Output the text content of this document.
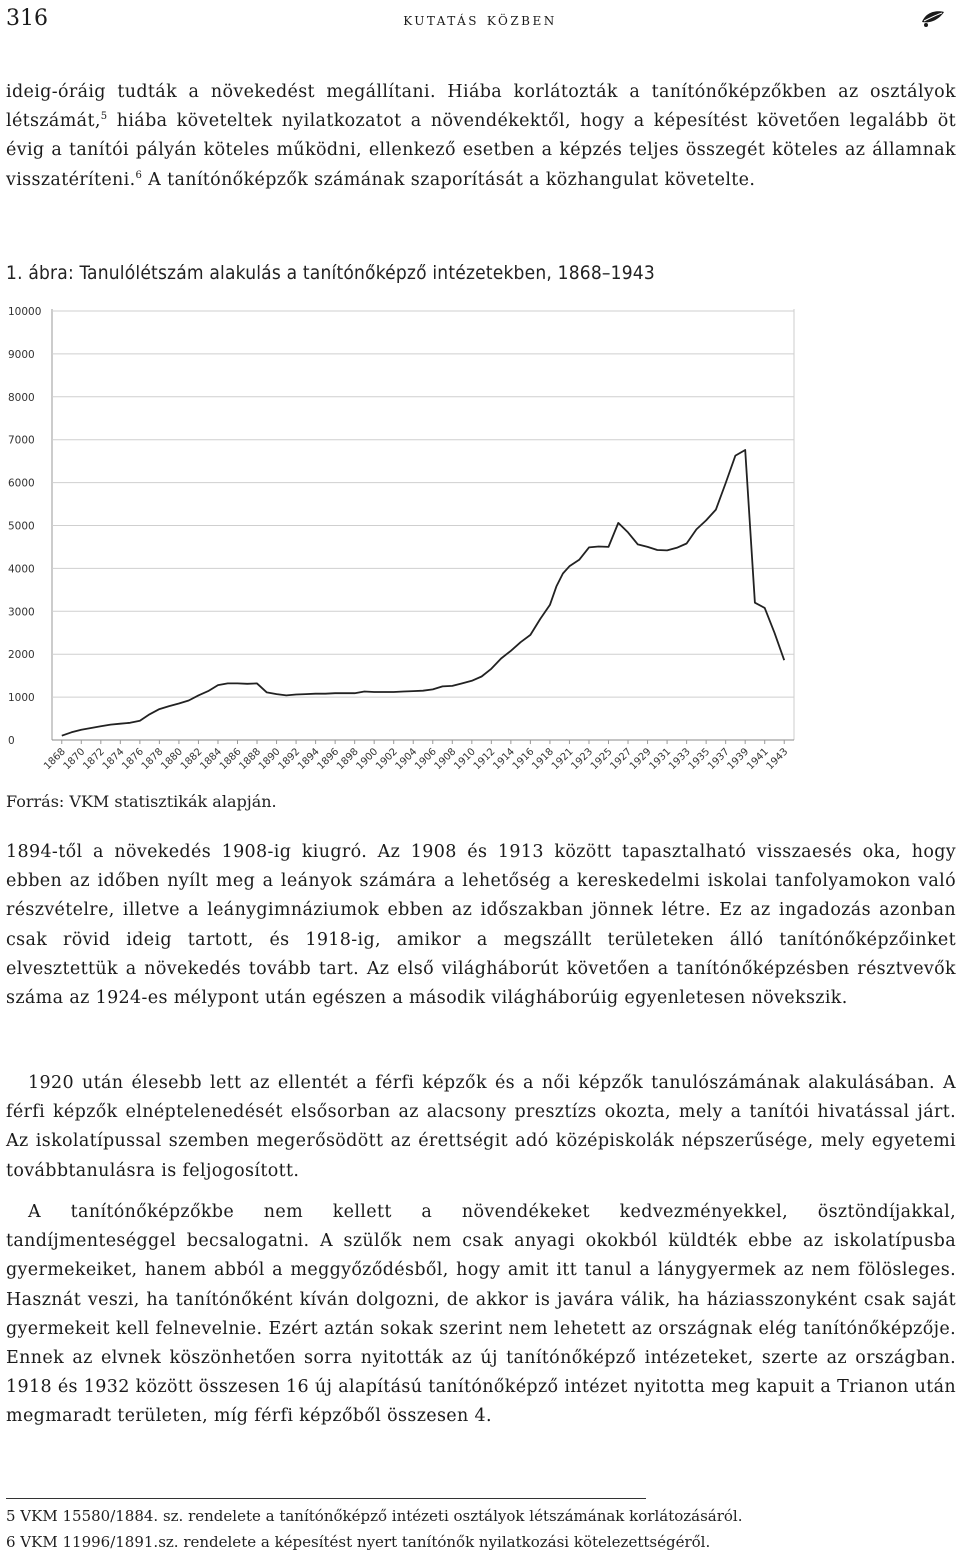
316	kutatás közben

ideig-óráig tudták a növekedést megállítani. Hiába korlátozták a tanítónőképzőkben az osztályok létszámát,$^5$ hiába követeltek nyilatkozatot a növendékektől, hogy a képesítést követően legalább öt évig a tanítói pályán köteles működni, ellenkező esetben a képzés teljes összegét köteles az államnak visszatéríteni.$^6$ A tanítónőképzők számának szaporítását a közhangulat követelte.

1. ábra: Tanulólétszám alakulás a tanítónőképző intézetekben, 1868–1943
0
1000
2000
3000
4000
5000
6000
7000
8000
9000
10000
1868
1870
1872
1874
1876
1878
1880
1882
1884
1886
1888
1890
1892
1894
1896
1898
1900
1902
1904
1906
1908
1910
1912
1914
1916
1918
1921
1923
1925
1927
1929
1931
1933
1935
1937
1939
1941
1943
Forrás: VKM statisztikák alapján.

1894-től a növekedés 1908-ig kiugró. Az 1908 és 1913 között tapasztalható visszaesés oka, hogy ebben az időben nyílt meg a leányok számára a lehetőség a kereskedelmi iskolai tanfolyamokon való részvételre, illetve a leánygimnáziumok ebben az időszakban jönnek létre. Ez az ingadozás azonban csak rövid ideig tartott, és 1918-ig, amikor a megszállt területeken álló tanítónőképzőinket elvesztettük a növekedés tovább tart. Az első világháborút követően a tanítónőképzésben résztvevők száma az 1924-es mélypont után egészen a második világháborúig egyenletesen növekszik.

1920 után élesebb lett az ellentét a férfi képzők és a női képzők tanulószámának alakulásában. A férfi képzők elnéptelenedését elsősorban az alacsony presztízs okozta, mely a tanítói hivatással járt. Az iskolatípussal szemben megerősödött az érettségit adó középiskolák népszerűsége, mely egyetemi továbbtanulásra is feljogosított.

A tanítónőképzőkbe nem kellett a növendékeket kedvezményekkel, ösztöndíjakkal, tandíjmenteséggel becsalogatni. A szülők nem csak anyagi okokból küldték ebbe az iskolatípusba gyermekeiket, hanem abból a meggyőződésből, hogy amit itt tanul a lánygyermek az nem fölösleges. Hasznát veszi, ha tanítónőként kíván dolgozni, de akkor is javára válik, ha háziasszonyként csak saját gyermekeit kell felnevelnie. Ezért aztán sokak szerint nem lehetett az országnak elég tanítónőképzője. Ennek az elvnek köszönhetően sorra nyitották az új tanítónőképző intézeteket, szerte az országban. 1918 és 1932 között összesen 16 új alapítású tanítónőképző intézet nyitotta meg kapuit a Trianon után megmaradt területen, míg férfi képzőből összesen 4.

5 VKM 15580/1884. sz. rendelete a tanítónőképző intézeti osztályok létszámának korlátozásáról.
6 VKM 11996/1891.sz. rendelete a képesítést nyert tanítónők nyilatkozási kötelezettségéről.
